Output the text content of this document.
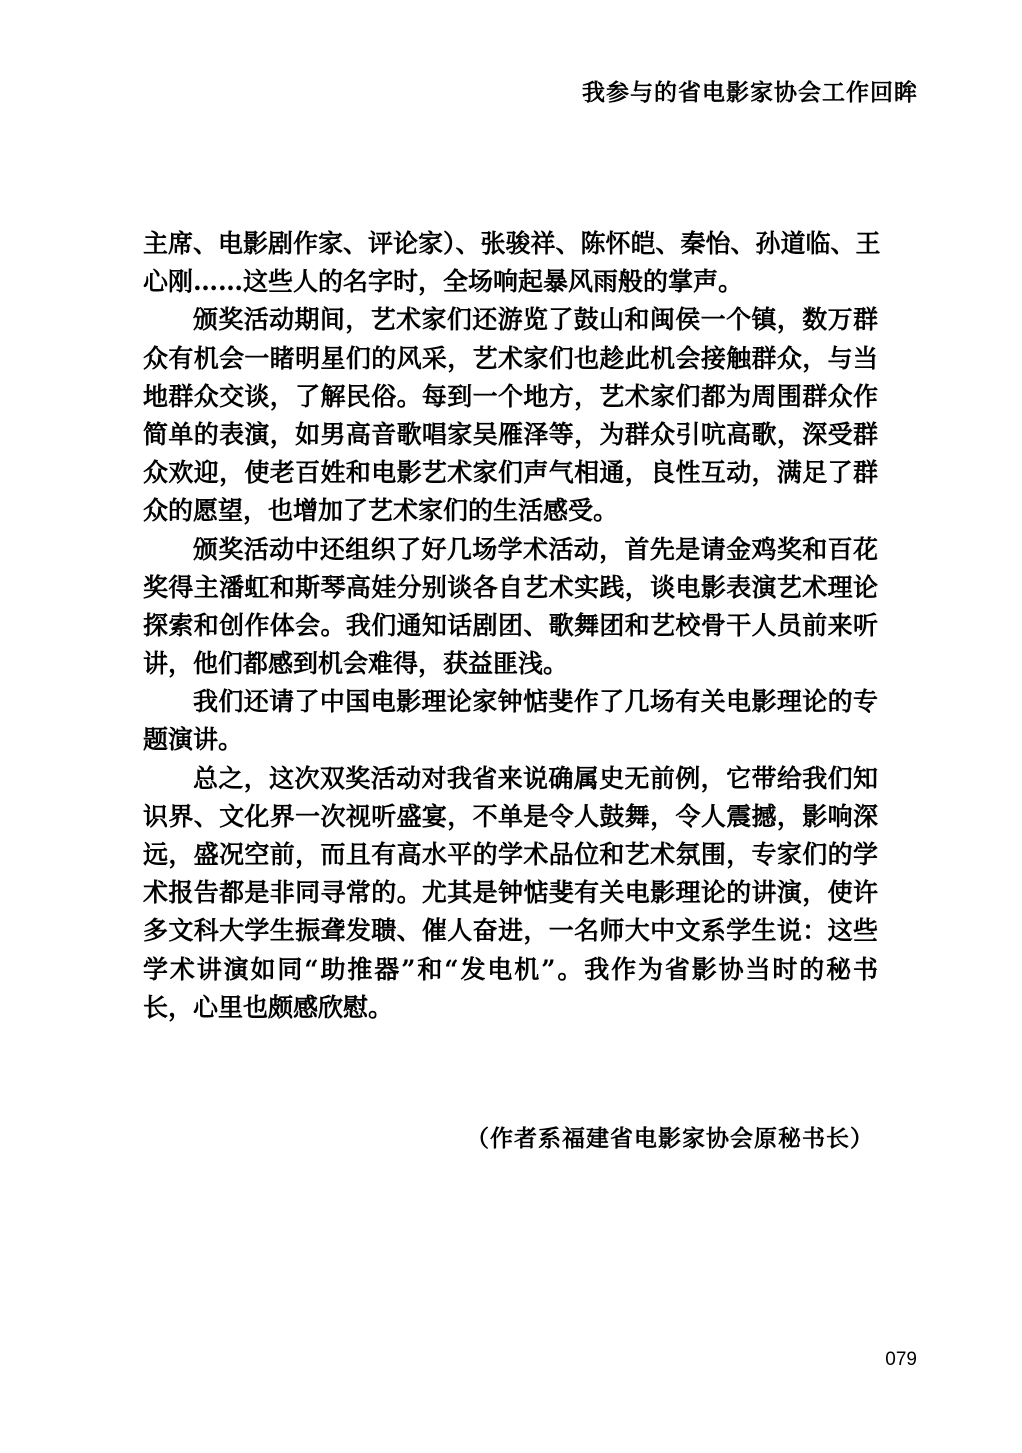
我参与的省电影家协会工作回眸
主席、电影剧作家、评论家）、张骏祥、陈怀皑、秦怡、孙道临、王
心刚……这些人的名字时，全场响起暴风雨般的掌声。
颁奖活动期间，艺术家们还游览了鼓山和闽侯一个镇，数万群
众有机会一睹明星们的风采，艺术家们也趁此机会接触群众，与当
地群众交谈，了解民俗。每到一个地方，艺术家们都为周围群众作
简单的表演，如男高音歌唱家吴雁泽等，为群众引吭高歌，深受群
众欢迎，使老百姓和电影艺术家们声气相通，良性互动，满足了群
众的愿望，也增加了艺术家们的生活感受。
颁奖活动中还组织了好几场学术活动，首先是请金鸡奖和百花
奖得主潘虹和斯琴高娃分别谈各自艺术实践，谈电影表演艺术理论
探索和创作体会。我们通知话剧团、歌舞团和艺校骨干人员前来听
讲，他们都感到机会难得，获益匪浅。
我们还请了中国电影理论家钟惦斐作了几场有关电影理论的专
题演讲。
总之，这次双奖活动对我省来说确属史无前例，它带给我们知
识界、文化界一次视听盛宴，不单是令人鼓舞，令人震撼，影响深
远，盛况空前，而且有高水平的学术品位和艺术氛围，专家们的学
术报告都是非同寻常的。尤其是钟惦斐有关电影理论的讲演，使许
多文科大学生振聋发聩、催人奋进，一名师大中文系学生说：这些
学术讲演如同“助推器”和“发电机”。我作为省影协当时的秘书
长，心里也颇感欣慰。
（作者系福建省电影家协会原秘书长）
079
